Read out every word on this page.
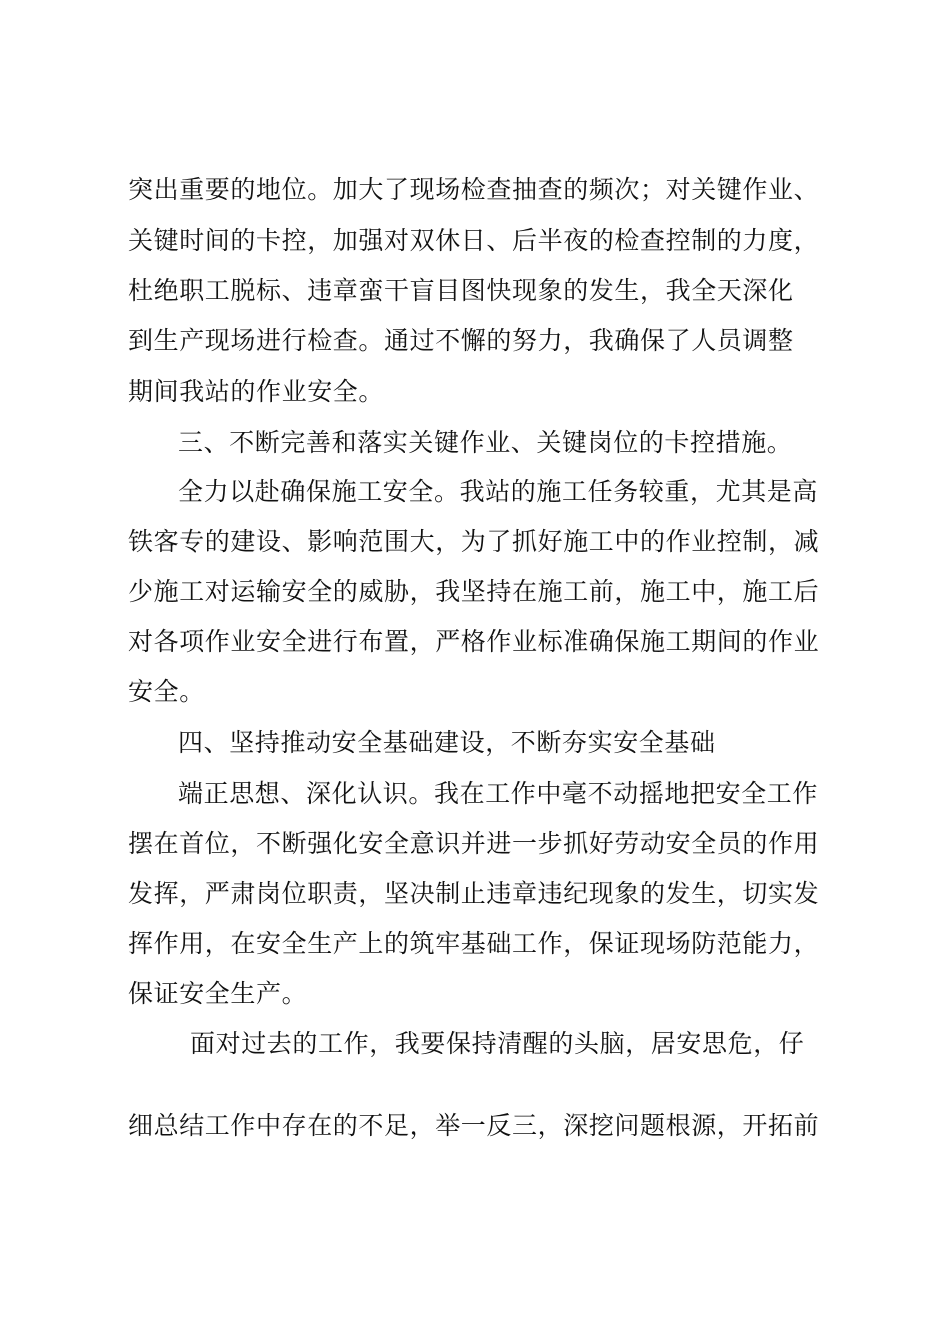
突出重要的地位。加大了现场检查抽查的频次；对关键作业、
关键时间的卡控，加强对双休日、后半夜的检查控制的力度，
杜绝职工脱标、违章蛮干盲目图快现象的发生，我全天深化
到生产现场进行检查。通过不懈的努力，我确保了人员调整
期间我站的作业安全。
三、不断完善和落实关键作业、关键岗位的卡控措施。
全力以赴确保施工安全。我站的施工任务较重，尤其是高
铁客专的建设、影响范围大，为了抓好施工中的作业控制，减
少施工对运输安全的威胁，我坚持在施工前，施工中，施工后
对各项作业安全进行布置，严格作业标准确保施工期间的作业
安全。
四、坚持推动安全基础建设，不断夯实安全基础
端正思想、深化认识。我在工作中毫不动摇地把安全工作
摆在首位，不断强化安全意识并进一步抓好劳动安全员的作用
发挥，严肃岗位职责，坚决制止违章违纪现象的发生，切实发
挥作用，在安全生产上的筑牢基础工作，保证现场防范能力，
保证安全生产。
面对过去的工作，我要保持清醒的头脑，居安思危，仔
细总结工作中存在的不足，举一反三，深挖问题根源，开拓前
